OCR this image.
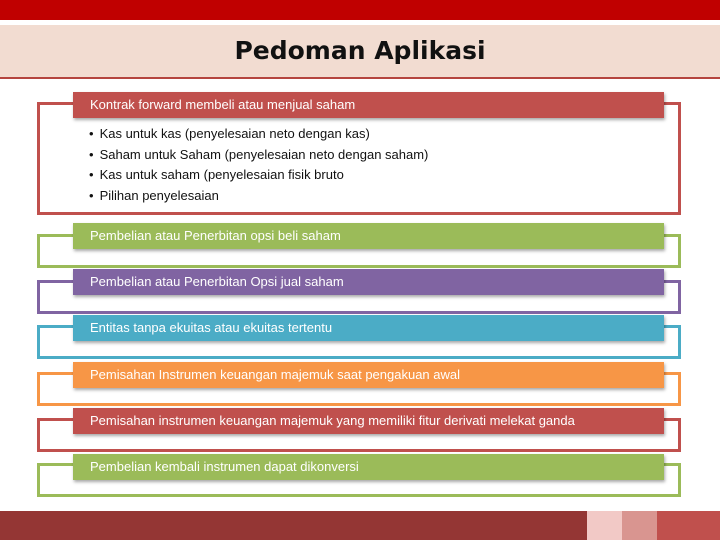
Pedoman Aplikasi
Kontrak forward membeli atau menjual saham
• Kas untuk kas (penyelesaian neto dengan kas)
• Saham untuk Saham (penyelesaian neto dengan saham)
• Kas untuk saham (penyelesaian fisik bruto
• Pilihan penyelesaian
Pembelian atau Penerbitan opsi beli saham
Pembelian atau Penerbitan Opsi jual saham
Entitas tanpa ekuitas atau ekuitas tertentu
Pemisahan Instrumen keuangan majemuk saat pengakuan awal
Pemisahan instrumen keuangan majemuk yang memiliki fitur derivati melekat ganda
Pembelian kembali instrumen dapat dikonversi
